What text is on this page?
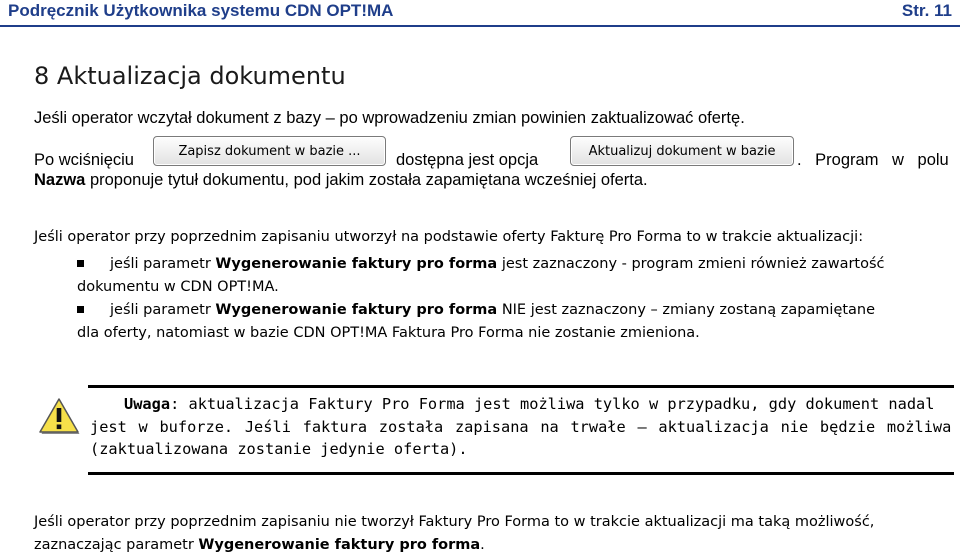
Podręcznik Użytkownika systemu CDN OPT!MA	Str. 11
8 Aktualizacja dokumentu
Jeśli operator wczytał dokument z bazy – po wprowadzeniu zmian powinien zaktualizować ofertę.
Po wciśnięciu	Zapisz dokument w bazie ...	dostępna jest opcja	Aktualizuj dokument w bazie	. Program w polu
Nazwa proponuje tytuł dokumentu, pod jakim została zapamiętana wcześniej oferta.
Jeśli operator przy poprzednim zapisaniu utworzył na podstawie oferty Fakturę Pro Forma to w trakcie aktualizacji:
jeśli parametr Wygenerowanie faktury pro forma jest zaznaczony - program zmieni również zawartość
dokumentu w CDN OPT!MA.
jeśli parametr Wygenerowanie faktury pro forma NIE jest zaznaczony – zmiany zostaną zapamiętane
dla oferty, natomiast w bazie CDN OPT!MA Faktura Pro Forma nie zostanie zmieniona.
Uwaga: aktualizacja Faktury Pro Forma jest możliwa tylko w przypadku, gdy dokument nadal
jest w buforze. Jeśli faktura została zapisana na trwałe – aktualizacja nie będzie możliwa
(zaktualizowana zostanie jedynie oferta).
Jeśli operator przy poprzednim zapisaniu nie tworzył Faktury Pro Forma to w trakcie aktualizacji ma taką możliwość,
zaznaczając parametr Wygenerowanie faktury pro forma.
